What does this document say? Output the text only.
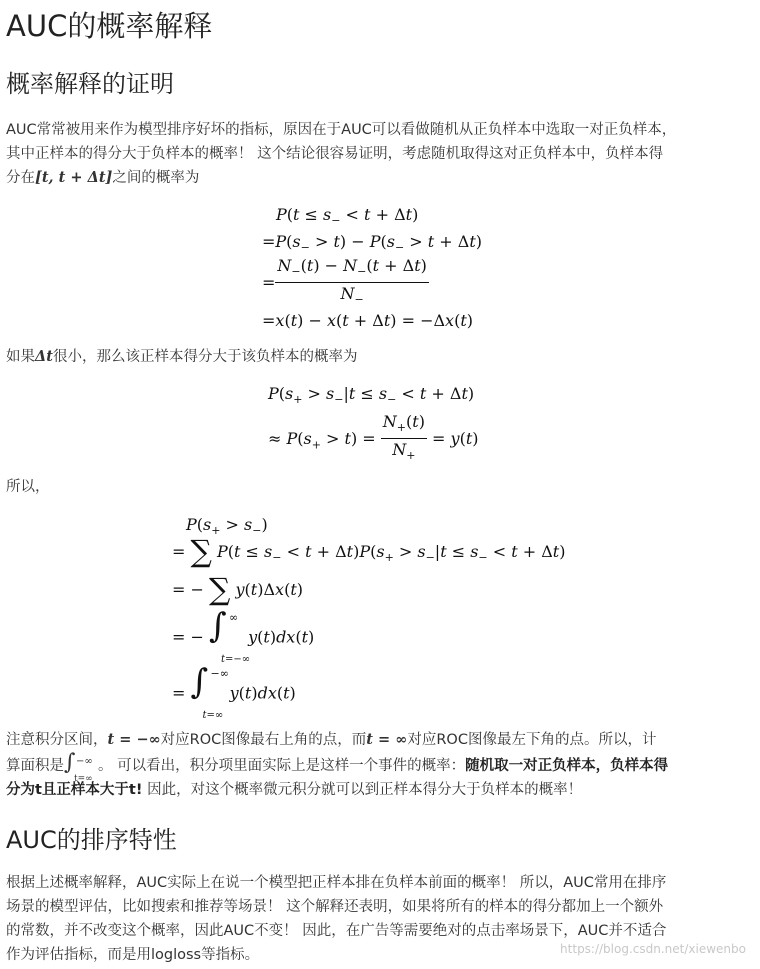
AUC的概率解释
概率解释的证明
AUC常常被用来作为模型排序好坏的指标，原因在于AUC可以看做随机从正负样本中选取一对正负样本，
其中正样本的得分大于负样本的概率！ 这个结论很容易证明，考虑随机取得这对正负样本中，负样本得
分在[t, t + Δt]之间的概率为
$P(t \le s_- < t + \Delta t)$
$=P(s_- > t) - P(s_- > t + \Delta t)$
= $\frac{N_-(t) - N_-(t + \Delta t)}{N_-}$
=x(t) − x(t + Δt) = −Δx(t)
如果Δt很小，那么该正样本得分大于该负样本的概率为
$P(s_+ > s_-|t \le s_- < t + \Delta t)$
≈ $P(s_+ > t) = \frac{N_+(t)}{N_+} = y(t)$
所以，
$P(s_+ > s_-)$
= ∑ $P(t \le s_- < t + \Delta t)P(s_+ > s_-|t \le s_- < t + \Delta t)$
= − ∑ y(t)Δx(t)
= − ∫ ∞
t=−∞
y(t)dx(t)
= ∫ −∞
t=∞
y(t)dx(t)
注意积分区间，t = −∞对应ROC图像最右上角的点，而t = ∞对应ROC图像最左下角的点。所以，计
算面积是 ∫ −∞
t=∞
。 可以看出，积分项里面实际上是这样一个事件的概率：随机取一对正负样本，负样本得
分为t且正样本大于t! 因此，对这个概率微元积分就可以到正样本得分大于负样本的概率！
AUC的排序特性
根据上述概率解释，AUC实际上在说一个模型把正样本排在负样本前面的概率！ 所以，AUC常用在排序
场景的模型评估，比如搜索和推荐等场景！ 这个解释还表明，如果将所有的样本的得分都加上一个额外
的常数，并不改变这个概率，因此AUC不变！ 因此，在广告等需要绝对的点击率场景下，AUC并不适合
作为评估指标，而是用logloss等指标。	https://blog.csdn.net/xiewenbo
